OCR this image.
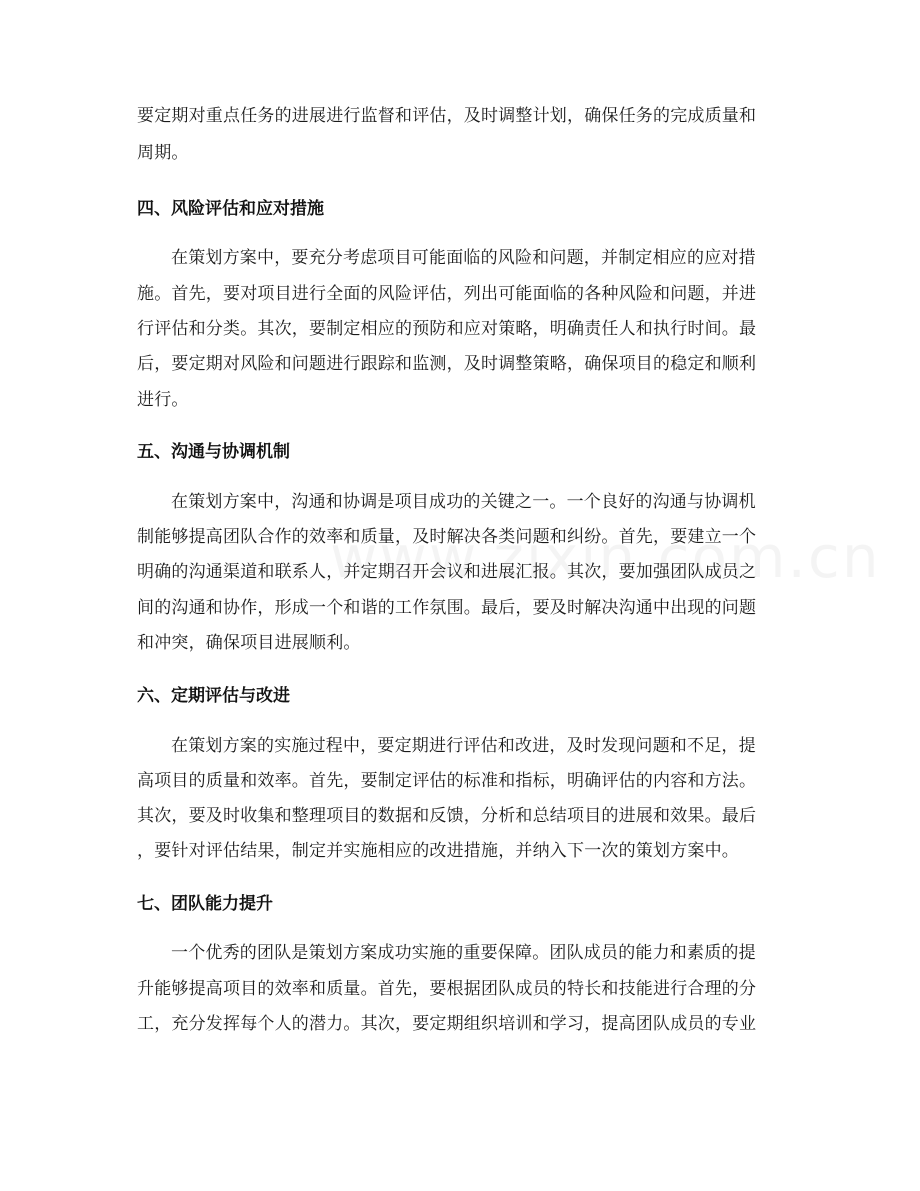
要定期对重点任务的进展进行监督和评估，及时调整计划，确保任务的完成质量和
周期。
四、风险评估和应对措施
在策划方案中，要充分考虑项目可能面临的风险和问题，并制定相应的应对措
施。首先，要对项目进行全面的风险评估，列出可能面临的各种风险和问题，并进
行评估和分类。其次，要制定相应的预防和应对策略，明确责任人和执行时间。最
后，要定期对风险和问题进行跟踪和监测，及时调整策略，确保项目的稳定和顺利
进行。
五、沟通与协调机制
在策划方案中，沟通和协调是项目成功的关键之一。一个良好的沟通与协调机
制能够提高团队合作的效率和质量，及时解决各类问题和纠纷。首先，要建立一个
明确的沟通渠道和联系人，并定期召开会议和进展汇报。其次，要加强团队成员之
间的沟通和协作，形成一个和谐的工作氛围。最后，要及时解决沟通中出现的问题
和冲突，确保项目进展顺利。
六、定期评估与改进
在策划方案的实施过程中，要定期进行评估和改进，及时发现问题和不足，提
高项目的质量和效率。首先，要制定评估的标准和指标，明确评估的内容和方法。
其次，要及时收集和整理项目的数据和反馈，分析和总结项目的进展和效果。最后
，要针对评估结果，制定并实施相应的改进措施，并纳入下一次的策划方案中。
七、团队能力提升
一个优秀的团队是策划方案成功实施的重要保障。团队成员的能力和素质的提
升能够提高项目的效率和质量。首先，要根据团队成员的特长和技能进行合理的分
工，充分发挥每个人的潜力。其次，要定期组织培训和学习，提高团队成员的专业
